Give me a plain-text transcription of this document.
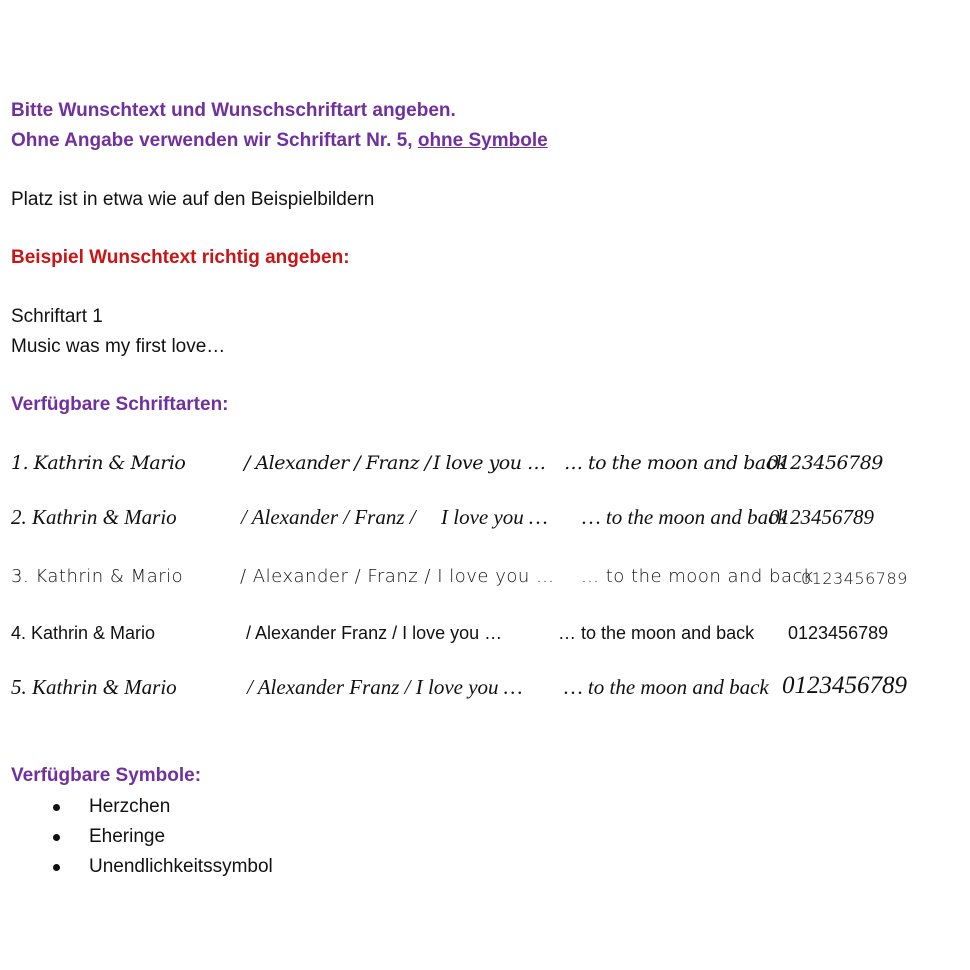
Bitte Wunschtext und Wunschschriftart angeben.
Ohne Angabe verwenden wir Schriftart Nr. 5, ohne Symbole
Platz ist in etwa wie auf den Beispielbildern
Beispiel Wunschtext richtig angeben:
Schriftart 1
Music was my first love…
Verfügbare Schriftarten:
1. Kathrin & Mario	/ Alexander / Franz / I love you … … to the moon and back
0123456789
2. Kathrin & Mario	/ Alexander / Franz / I love you … … to the moon and back
0123456789
3. Kathrin & Mario	/ Alexander / Franz / I love you … … to the moon and back
0123456789
4. Kathrin & Mario	/ Alexander Franz / I love you …	… to the moon and back 0123456789
5. Kathrin & Mario	/ Alexander Franz / I love you … … to the moon and back 0123456789
Verfügbare Symbole:
Herzchen
Eheringe
Unendlichkeitssymbol
